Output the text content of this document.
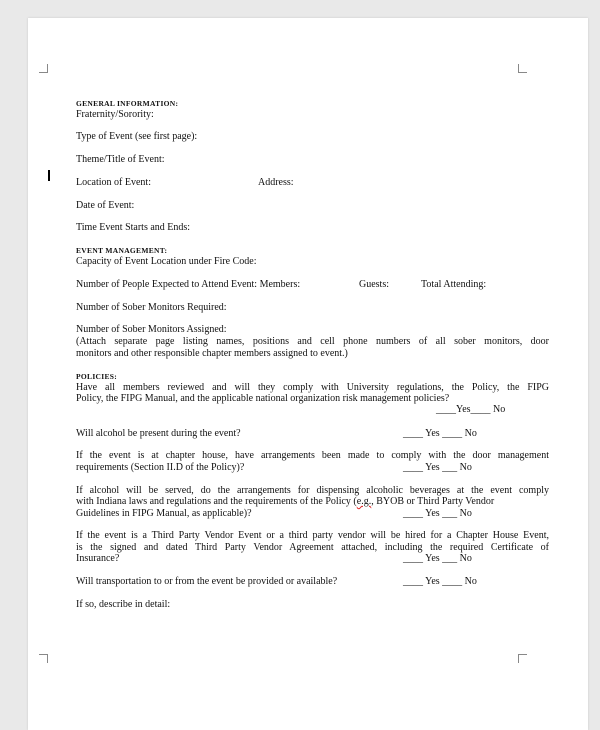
GENERAL INFORMATION:
Fraternity/Sorority:
Type of Event (see first page):
Theme/Title of Event:
Location of Event:	Address:
Date of Event:
Time Event Starts and Ends:
EVENT MANAGEMENT:
Capacity of Event Location under Fire Code:
Number of People Expected to Attend Event: Members:	Guests:	Total Attending:
Number of Sober Monitors Required:
Number of Sober Monitors Assigned:
(Attach separate page listing names, positions and cell phone numbers of all sober monitors, door
monitors and other responsible chapter members assigned to event.)
POLICIES:
Have all members reviewed and will they comply with University regulations, the Policy, the FIPG
Policy, the FIPG Manual, and the applicable national organization risk management policies?
____Yes____ No
Will alcohol be present during the event?	____ Yes ____ No
If the event is at chapter house, have arrangements been made to comply with the door management
requirements (Section II.D of the Policy)?	____ Yes ___ No
If alcohol will be served, do the arrangements for dispensing alcoholic beverages at the event comply
with Indiana laws and regulations and the requirements of the Policy (e.g., BYOB or Third Party Vendor
Guidelines in FIPG Manual, as applicable)?	____ Yes ___ No
If the event is a Third Party Vendor Event or a third party vendor will be hired for a Chapter House Event,
is the signed and dated Third Party Vendor Agreement attached, including the required Certificate of
Insurance?	____ Yes ___ No
Will transportation to or from the event be provided or available?	____ Yes ____ No
If so, describe in detail:
